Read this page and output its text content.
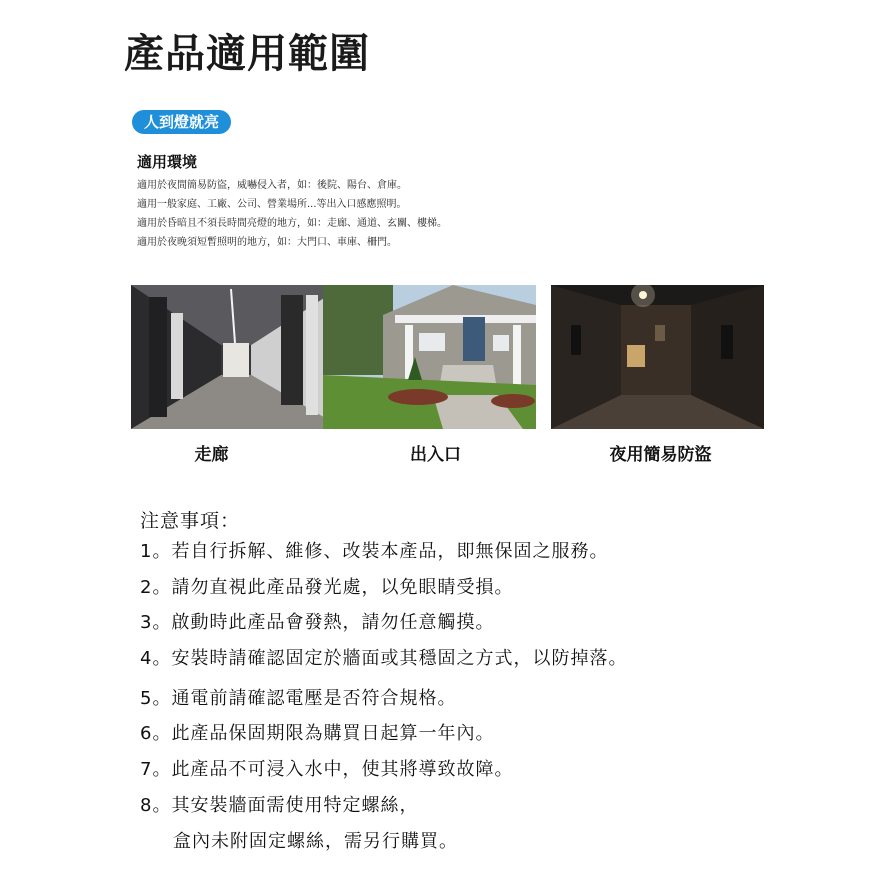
產品適用範圍
人到燈就亮
適用環境
適用於夜間簡易防盜，威嚇侵入者，如：後院、陽台、倉庫。
適用一般家庭、工廠、公司、營業場所...等出入口感應照明。
適用於昏暗且不須長時間亮燈的地方，如：走廊、通道、玄關、樓梯。
適用於夜晚須短暫照明的地方，如：大門口、車庫、柵門。
走廊	出入口	夜用簡易防盜
注意事項：
1。若自行拆解、維修、改裝本產品，即無保固之服務。
2。請勿直視此產品發光處，以免眼睛受損。
3。啟動時此產品會發熱，請勿任意觸摸。
4。安裝時請確認固定於牆面或其穩固之方式，以防掉落。
5。通電前請確認電壓是否符合規格。
6。此產品保固期限為購買日起算一年內。
7。此產品不可浸入水中，使其將導致故障。
8。其安裝牆面需使用特定螺絲，
盒內未附固定螺絲，需另行購買。
